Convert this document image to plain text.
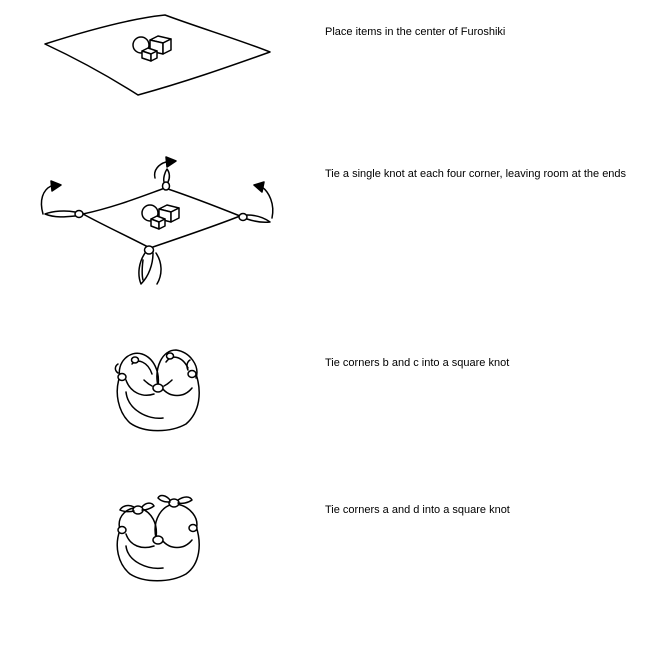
Place items in the center of Furoshiki
Tie a single knot at each four corner, leaving room at the ends
Tie corners b and c into a square knot
Tie corners a and d into a square knot
